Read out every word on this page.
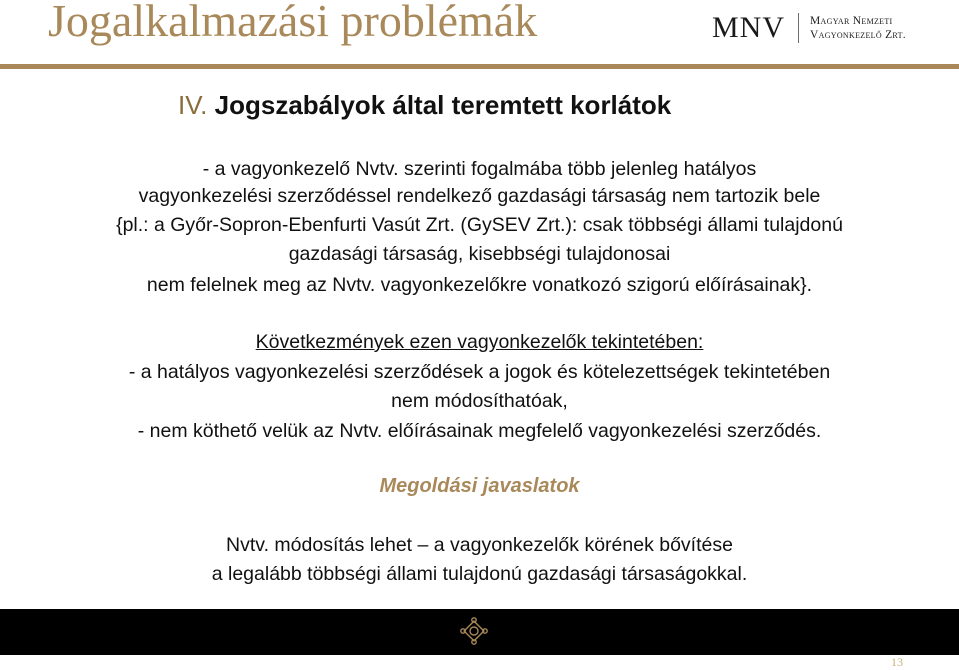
Jogalkalmazási problémák	MNV Magyar Nemzeti
Vagyonkezelő Zrt.
IV. Jogszabályok által teremtett korlátok
- a vagyonkezelő Nvtv. szerinti fogalmába több jelenleg hatályos
vagyonkezelési szerződéssel rendelkező gazdasági társaság nem tartozik bele
{pl.: a Győr-Sopron-Ebenfurti Vasút Zrt. (GySEV Zrt.): csak többségi állami tulajdonú
gazdasági társaság, kisebbségi tulajdonosai
nem felelnek meg az Nvtv. vagyonkezelőkre vonatkozó szigorú előírásainak}.
Következmények ezen vagyonkezelők tekintetében:
- a hatályos vagyonkezelési szerződések a jogok és kötelezettségek tekintetében
nem módosíthatóak,
- nem köthető velük az Nvtv. előírásainak megfelelő vagyonkezelési szerződés.
Megoldási javaslatok
Nvtv. módosítás lehet – a vagyonkezelők körének bővítése
a legalább többségi állami tulajdonú gazdasági társaságokkal.
13
